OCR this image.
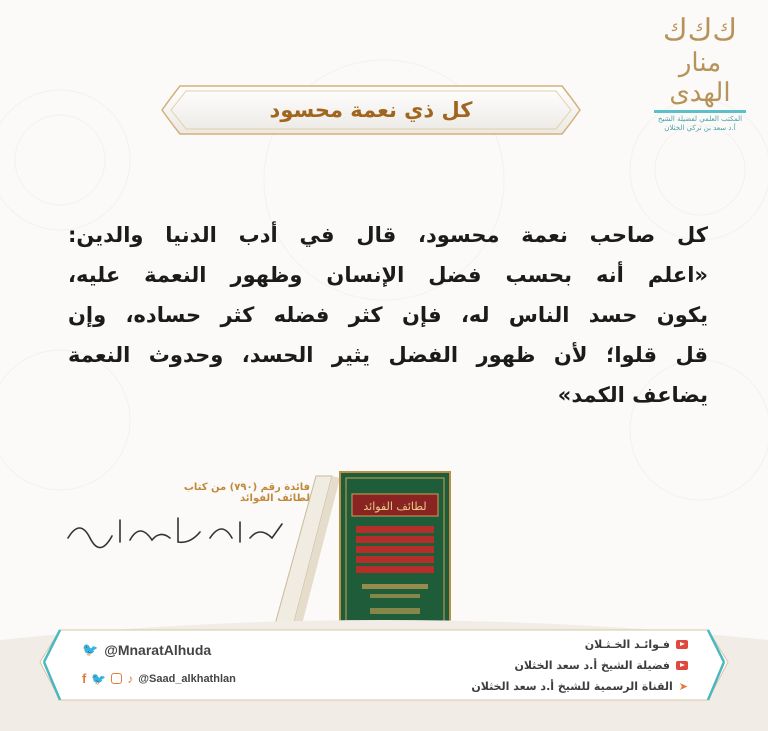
ﻙﻙﻙ
منار الهدى
المكتب العلمي لفضيلة الشيخ
أ.د سعد بن تركي الخثلان
كل ذي نعمة محسود
كل صاحب نعمة محسود، قال في أدب الدنيا والدين:
«اعلم أنه بحسب فضل الإنسان وظهور النعمة عليه،
يكون حسد الناس له، فإن كثر فضله كثر حساده، وإن
قل قلوا؛ لأن ظهور الفضل يثير الحسد، وحدوث النعمة
يضاعف الكمد»
فائدة رقم (٧٩٠) من كتاب لطائف الفوائد
لطائف الفوائد
🐦 @MnaratAlhuda
f 🐦 ♪ @Saad_alkhathlan
فـوائـد الخـثـلان
فضيلة الشيخ أ.د سعد الخثلان
➤
القناة الرسمية للشيخ أ.د سعد الخثلان
